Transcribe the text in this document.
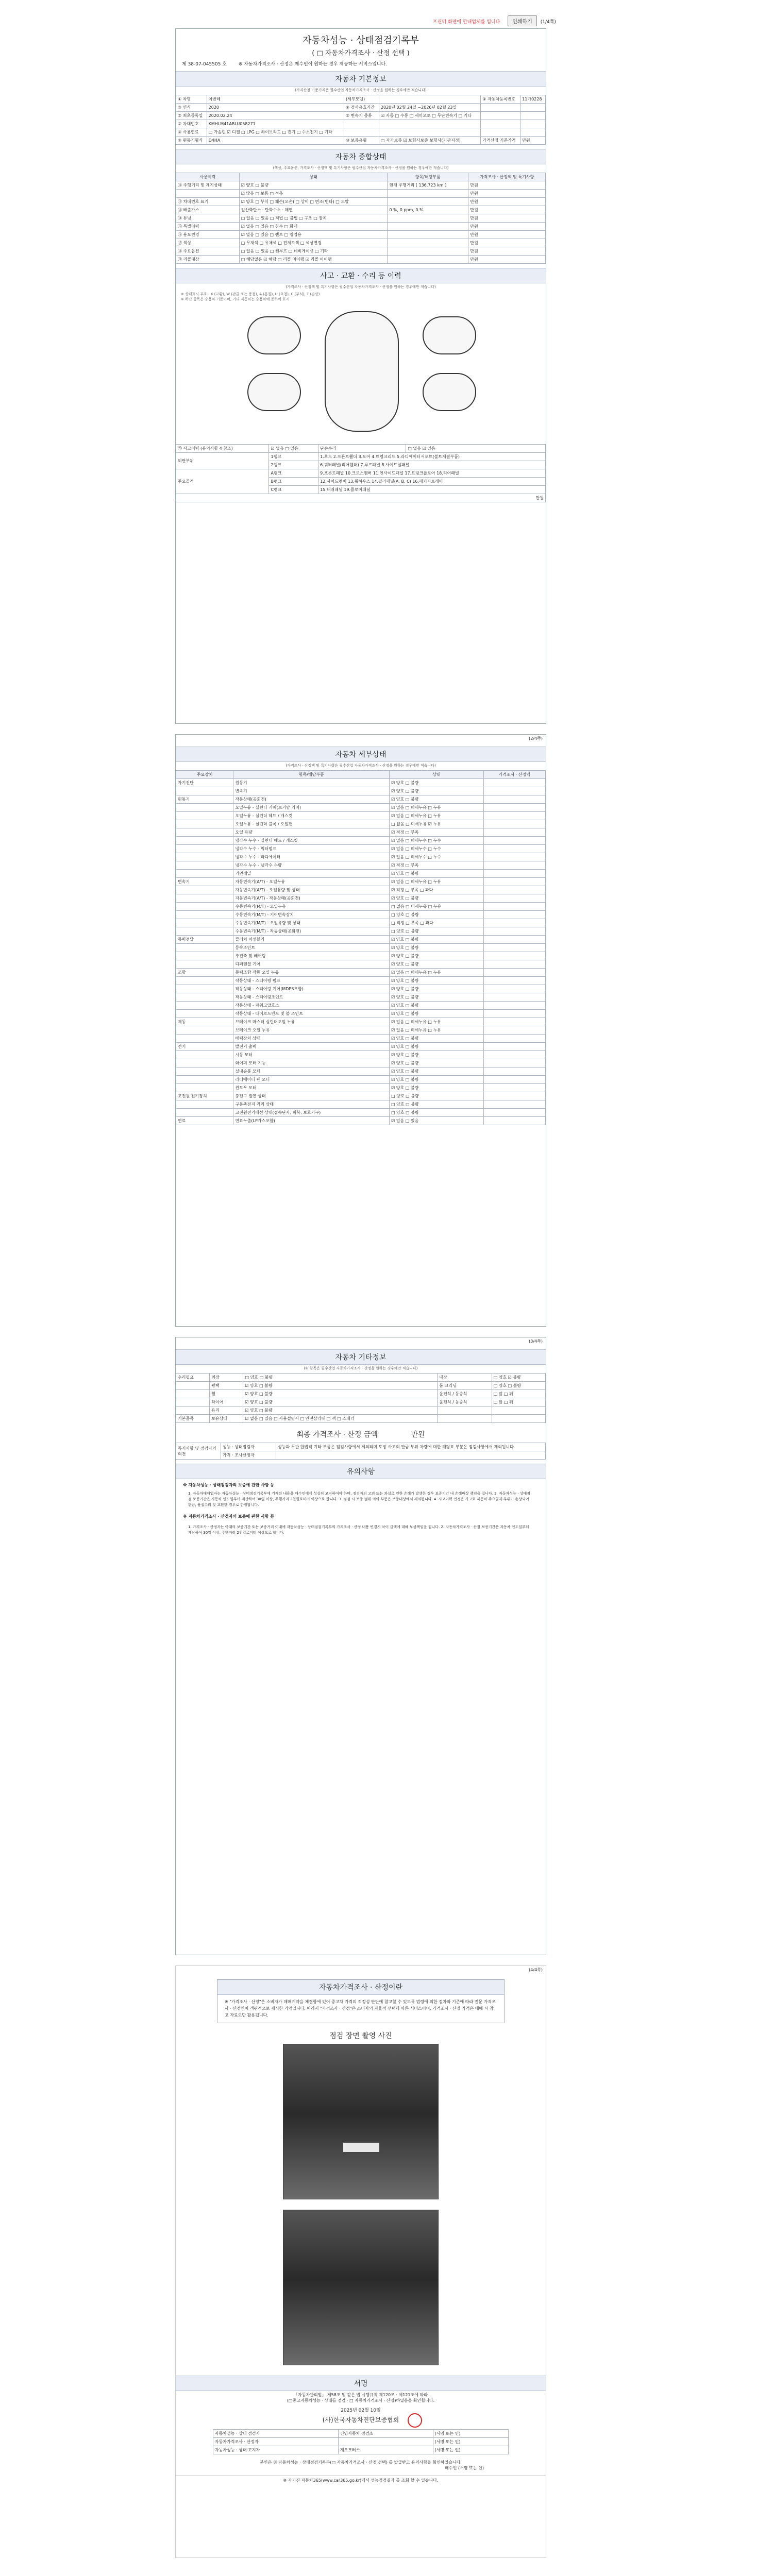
프린터 화면에 안내업체를 입니다 인쇄하기 (1/4쪽)
자동차성능 · 상태점검기록부
( □ 자동차가격조사 · 산정 선택 )
제 38-07-045505 호	※ 자동차가격조사 · 산정은 매수인이 원하는 경우 제공하는 서비스입니다.
자동차 기본정보
(가격산정 기준가격은 필수산업 자동차가격조사 · 산정을 원하는 경우에만 적습니다)
① 차명	아반떼	(세부모델)		② 자동차등록번호	11가0228
③ 연식	2020	④ 검사유효기간	2020년 02월 24일 ~2026년 02월 23일		
⑤ 최초등록일	2020.02.24	⑥ 변속기 종류	☑ 자동 □ 수동 □ 세미오토 □ 무단변속기 □ 기타		
⑦ 차대번호	KMHLM41ABLU058271				
⑧ 사용연료	□ 가솔린 ☑ 디젤 □ LPG □ 하이브리드 □ 전기 □ 수소전기 □ 기타				
⑨ 원동기형식	D4HA	⑩ 보증유형	□ 자가보증 ☑ 보험사보증 보험사(기관지정)	가격산정 기준가격	만원
자동차 종합상태
(색상, 주요옵션, 가격조사 · 산정액 및 특기사항은 필수산업 자동차가격조사 · 산정을 원하는 경우에만 적습니다)
사용이력	상태	항목/해당부품	가격조사 · 산정액 및 특기사항
⑪ 주행거리 및 계기상태	☑ 양호 □ 불량	현재 주행거리 [ 136,723 km ]	만원
	☑ 많음 □ 보통 □ 적음		만원
⑫ 차대번호 표기	☑ 양호 □ 부식 □ 훼손(오손) □ 상이 □ 변조(변타) □ 도말		만원
⑬ 배출가스	일산화탄소 · 탄화수소 · 매연	0 %, 0 ppm, 0 %	만원
⑭ 튜닝	□ 없음 □ 있음 □ 적법 □ 불법 □ 구조 □ 장치		만원
⑮ 특별이력	☑ 없음 □ 있음 □ 침수 □ 화재		만원
⑯ 용도변경	☑ 없음 □ 있음 □ 렌트 □ 영업용		만원
⑰ 색상	□ 무채색 □ 유채색 □ 전체도색 □ 색상변경		만원
⑱ 주요옵션	□ 없음 □ 있음 □ 썬루프 □ 네비게이션 □ 기타		만원
⑲ 리콜대상	□ 해당없음 ☑ 해당 □ 리콜 미이행 ☑ 리콜 이이행		만원
사고 · 교환 · 수리 등 이력
(가격조사 · 산정액 및 특기사항은 필수산업 자동차가격조사 · 산정을 원하는 경우에만 적습니다)
※ 상태표시 부호 : X (교환), W (판금 또는 용접), A (흠집), U (요철), C (부식), T (손상)
※ 하단 항목은 승용차 기준이며, 기타 자동차는 승용차에 준하여 표시
⑳ 사고이력 (유의사항 4 참조)	☑ 없음 □ 있음	단순수리	□ 없음 ☑ 있음
외판부위	1랭크	1.후드 2.프론트휀더 3.도어 4.트렁크리드 5.라디에이터서포트(볼트체결부품)	
	2랭크	6.쿼터패널(리어휀더) 7.루프패널 8.사이드실패널	
주요골격	A랭크	9.프론트패널 10.크로스멤버 11.인사이드패널 17.트렁크플로어 18.리어패널	
	B랭크	12.사이드멤버 13.휠하우스 14.필러패널(A, B, C) 16.패키지트레이	
	C랭크	15.대쉬패널 19.플로어패널	
만원			
(2/4쪽)
자동차 세부상태
(가격조사 · 산정액 및 특기사항은 필수산업 자동차가격조사 · 산정을 원하는 경우에만 적습니다)
주요장치	항목/해당부품	상태	가격조사 · 산정액
자기진단	원동기	☑ 양호 □ 불량	
	변속기	☑ 양호 □ 불량	
원동기	작동상태(공회전)	☑ 양호 □ 불량	
	오일누유 - 실린더 커버(로커암 커버)	☑ 없음 □ 미세누유 □ 누유	
	오일누유 - 실린더 헤드 / 개스킷	☑ 없음 □ 미세누유 □ 누유	
	오일누유 - 실린더 블록 / 오일팬	□ 없음 □ 미세누유 ☑ 누유	
	오일 유량	☑ 적정 □ 부족	
	냉각수 누수 - 실린더 헤드 / 개스킷	☑ 없음 □ 미세누수 □ 누수	
	냉각수 누수 - 워터펌프	☑ 없음 □ 미세누수 □ 누수	
	냉각수 누수 - 라디에이터	☑ 없음 □ 미세누수 □ 누수	
	냉각수 누수 - 냉각수 수량	☑ 적정 □ 부족	
	커먼레일	☑ 양호 □ 불량	
변속기	자동변속기(A/T) - 오일누유	☑ 없음 □ 미세누유 □ 누유	
	자동변속기(A/T) - 오일유량 및 상태	☑ 적정 □ 부족 □ 과다	
	자동변속기(A/T) - 작동상태(공회전)	☑ 양호 □ 불량	
	수동변속기(M/T) - 오일누유	□ 없음 □ 미세누유 □ 누유	
	수동변속기(M/T) - 기어변속장치	□ 양호 □ 불량	
	수동변속기(M/T) - 오일유량 및 상태	□ 적정 □ 부족 □ 과다	
	수동변속기(M/T) - 작동상태(공회전)	□ 양호 □ 불량	
동력전달	클러치 어셈블리	☑ 양호 □ 불량	
	등속조인트	☑ 양호 □ 불량	
	추진축 및 베어링	☑ 양호 □ 불량	
	디퍼렌셜 기어	☑ 양호 □ 불량	
조향	동력조향 작동 오일 누유	☑ 없음 □ 미세누유 □ 누유	
	작동상태 - 스티어링 펌프	☑ 양호 □ 불량	
	작동상태 - 스티어링 기어(MDPS포함)	☑ 양호 □ 불량	
	작동상태 - 스티어링조인트	☑ 양호 □ 불량	
	작동상태 - 파워고압호스	☑ 양호 □ 불량	
	작동상태 - 타이로드엔드 및 볼 조인트	☑ 양호 □ 불량	
제동	브레이크 마스터 실린더오일 누유	☑ 없음 □ 미세누유 □ 누유	
	브레이크 오일 누유	☑ 없음 □ 미세누유 □ 누유	
	배력장치 상태	☑ 양호 □ 불량	
전기	발전기 출력	☑ 양호 □ 불량	
	시동 모터	☑ 양호 □ 불량	
	와이퍼 모터 기능	☑ 양호 □ 불량	
	실내송풍 모터	☑ 양호 □ 불량	
	라디에이터 팬 모터	☑ 양호 □ 불량	
	윈도우 모터	☑ 양호 □ 불량	
고전원 전기장치	충전구 절연 상태	□ 양호 □ 불량	
	구동축전지 격리 상태	□ 양호 □ 불량	
	고전원전기배선 상태(접속단자, 피복, 보호기구)	□ 양호 □ 불량	
연료	연료누출(LP가스포함)	☑ 없음 □ 있음	
(3/4쪽)
자동차 기타정보
(① 항목은 필수산업 자동차가격조사 · 산정을 원하는 경우에만 적습니다)
수리필요	외장	□ 양호 □ 불량	내장	□ 양호 ☑ 불량
	광택	☑ 양호 □ 불량	룸 크리닝	□ 양호 □ 불량
	휠	☑ 양호 □ 불량	운전석 / 동승석	□ 앞 □ 뒤
	타이어	☑ 양호 □ 불량	운전석 / 동승석	□ 앞 □ 뒤
	유리	☑ 양호 □ 불량		
기본품목	보유상태	☑ 없음 □ 있음 □ 사용설명서 □ 안전삼각대 □ 잭 □ 스패너		
최종 가격조사 · 산정 금액	만원
특기사항 및 점검자의 의견	성능 · 상태점검자	성능과 무관 합법적 기타 부품은 점검사항에서 제외되며 도장 사고외 판금 부위 차량에 대한 해당표 부분은 점검사항에서 제외됩니다.
	가격 · 조사산정자	
유의사항
※ 자동차성능 · 상태점검자의 보증에 관한 사항 등
1. 자동차매매업자는 자동차성능 · 상태점검기록부에 기재된 내용을 매수인에게 성실히 고지하여야 하며, 점검자의 고의 또는 과실로 인한 손해가 발생한 경우 보증기간 내 손해배상 책임을 집니다. 2. 자동차성능 · 상태점검 보증기간은 자동차 인도일부터 계산하여 30일 이상, 주행거리 2천킬로미터 이상으로 합니다. 3. 점검 시 보증 범위 외의 부품은 보증대상에서 제외됩니다. 4. 사고이력 인정은 사고로 자동차 주요골격 부위가 손상되어 판금, 용접수리 및 교환한 경우로 한정합니다.
※ 자동차가격조사 · 산정자의 보증에 관한 사항 등
1. 가격조사 · 산정자는 아래의 보증기간 또는 보증거리 이내에 자동차성능 · 상태점검기록부의 가격조사 · 산정 내용 변경시 차이 금액에 대해 보상책임을 집니다. 2. 자동차가격조사 · 산정 보증기간은 자동차 인도일부터 계산하여 30일 이상, 주행거리 2천킬로미터 이상으로 합니다.
(4/4쪽)
자동차가격조사 · 산정이란
※ "가격조사 · 산정"은 소비자가 매매계약을 체결함에 있어 중고차 가격의 적정성 판단에 참고할 수 있도록 법령에 의한 절차와 기준에 따라 전문 가격조사 · 산정인이 객관적으로 제시한 가액입니다. 따라서 "가격조사 · 산정"은 소비자의 자율적 선택에 따른 서비스이며, 가격조사 · 산정 가격은 매매 시 참고 자료로만 활용됩니다.
점검 장면 촬영 사진
서명
「자동차관리법」 제58조 및 같은 법 시행규칙 제120조 · 제121조에 따라
(□중고자동차성능 · 상태를 점검 · □ 자동차가격조사 · 산정)하였음을 확인합니다.
2025년 02월 10일
(사)한국자동차진단보증협회
자동차성능 · 상태 점검자	건양자동차 점검소	(서명 또는 인)
자동차가격조사 · 산정자		(서명 또는 인)
자동차성능 · 상태 고지자	계오모터스	(서명 또는 인)
본인은 위 자동차성능 · 상태점검기록부(□ 자동차가격조사 · 산정 선택) 를 발급받고 유의사항을 확인하였습니다.
매수인 (서명 또는 인)
※ 자기진 자동차365(www.car365.go.kr)에서 성능점검결과 를 조회 할 수 있습니다.
